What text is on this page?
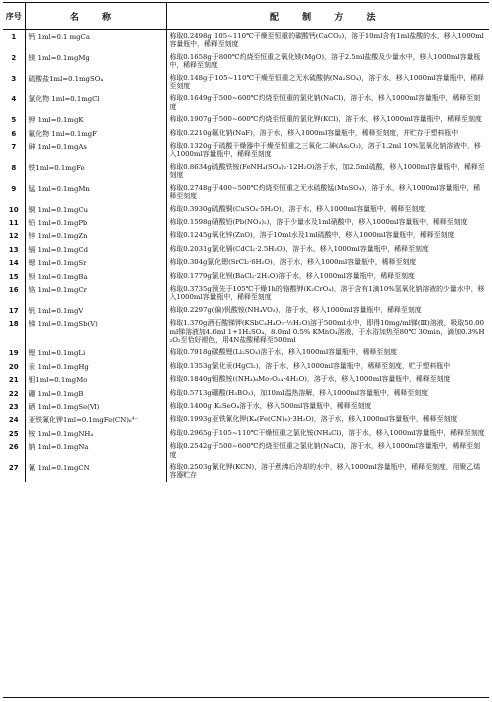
序号	名 称	配 制 方 法
1	钙 1ml=0.1 mgCa	称取0.2498g 105~110℃干燥至恒重的碳酸钙(CaCO₃)，溶于10ml含有1ml盐酸的水，移入1000ml容量瓶中，稀释至刻度
2	镁 1ml=0.1mgMg	称取0.1658g于800℃灼烧至恒重之氧化镁(MgO)，溶于2.5ml盐酸及少量水中，移入1000ml容量瓶中，稀释至刻度
3	硫酸盐1ml=0.1mgSO₄	称取0.148g于105~110℃干燥至恒重之无水硫酸钠(Na₂SO₄)，溶于水，移入1000ml容量瓶中，稀释至刻度
4	氯化物 1ml=0.1mgCl	称取0.1649g于500~600℃灼烧至恒重的氯化钠(NaCl)，溶于水，移入1000ml容量瓶中，稀释至刻度
5	钾 1ml=0.1mgK	称取0.1907g于500~600℃灼烧至恒重的氯化钾(KCl)，溶于水，移入1000ml容量瓶中，稀释至刻度
6	氟化物 1ml=0.1mgF	称取0.2210g氟化钠(NaF)，溶于水，移入1000ml容量瓶中，稀释至刻度，并贮存于塑料瓶中
7	砷 1ml=0.1mgAs	称取0.1320g于硫酸干燥器中干燥至恒重之三氧化二砷(As₂O₃)，溶于1.2ml 10%氢氧化钠溶液中，移入1000ml容量瓶中，稀释至刻度
8	铁1ml=0.1mgFe	称取0.8634g硫酸铁铵(FeNH₄(SO₄)₂·12H₂O)溶于水，加2.5ml硫酸，移入1000ml容量瓶中，稀释至刻度
9	锰 1ml=0.1mgMn	称取0.2748g于400~500℃灼烧至恒重之无水硫酸锰(MnSO₄)，溶于水，移入1000ml容量瓶中，稀释至刻度
10	铜 1ml=0.1mgCu	称取0.3930g硫酸铜(CuSO₄·5H₂O)，溶于水，移入1000ml容量瓶中，稀释至刻度
11	铅 1ml=0.1mgPb	称取0.1598g硝酸铅(Pb(NO₃)₂)，溶于少量水及1ml硝酸中，移入1000ml容量瓶中，稀释至刻度
12	锌 1ml=0.1mgZn	称取0.1245g氧化锌(ZnO)，溶于10ml水及1ml硫酸中，移入1000ml容量瓶中，稀释至刻度
13	镉 1ml=0.1mgCd	称取0.2031g氯化镉(CdCl₂·2.5H₂O)，溶于水，移入1000ml容量瓶中，稀释至刻度
14	锶 1ml=0.1mgSr	称取0.304g氯化锶(SrCl₂·6H₂O)，溶于水，移入1000ml容量瓶中，稀释至刻度
15	钡 1ml=0.1mgBa	称取0.1779g氯化钡(BaCl₂·2H₂O)溶于水，移入1000ml容量瓶中，稀释至刻度
16	铬 1ml=0.1mgCr	称取0.3735g预先于105℃干燥1h的铬酸钾(K₂CrO₄)，溶于含有1滴10%氢氧化钠溶液的少量水中，移入1000ml容量瓶中，稀释至刻度
17	钒 1ml=0.1mgV	称取0.2297g(偏)钒酸铵(NH₄VO₃)，溶于水，移入1000ml容量瓶中，稀释至刻度
18	锑 1ml=0.1mgSb(Ⅴ)	称取1.370g酒石酸锑钾(KSbC₄H₄O₇·½H₂O)溶于500ml水中，即得10mg/ml锑(Ⅲ)溶液，吸取50.00ml锑溶液加4.6ml 1+1H₂SO₄，8.0ml 0.5% KMnO₄溶液，于水浴加热至80℃ 30min，滴加0.3%H₂O₂至恰好褪色，用4N盐酸稀释至500ml
19	锂 1ml=0.1mgLi	称取0.7918g碳酸锂(Li₂SO₄)溶于水，移入1000ml容量瓶中，稀释至刻度
20	汞 1ml=0.1mgHg	称取0.1353g氯化汞(HgCl₂)，溶于水，移入1000ml容量瓶中，稀释至刻度，贮于塑料瓶中
21	钼1ml=0.1mgMo	称取0.1840g钼酸铵((NH₄)₆Mo₇O₂₄·4H₂O)，溶于水，移入1000ml容量瓶中，稀释至刻度
22	硼 1ml=0.1mgB	称取0.5713g硼酸(H₃BO₃)，加10ml温热溶解，移入1000ml容量瓶中，稀释至刻度
23	硒 1ml=0.1mgSe(Ⅵ)	称取0.1400g K₂SeO₄溶于水，移入500ml容量瓶中，稀释至刻度
24	亚铁氰化钾1ml=0.1mgFe(CN)₆⁴⁻	称取0.1993g亚铁氰化钾(K₄(Fe(CN)₆)·3H₂O)，溶于水，移入1000ml容量瓶中，稀释至刻度
25	铵 1ml=0.1mgNH₄	称取0.2965g于105~110℃干燥恒重之氯化铵(NH₄Cl)，溶于水，移入1000ml容量瓶中，稀释至刻度
26	钠 1ml=0.1mgNa	称取0.2542g于500~600℃灼烧至恒重之氯化钠(NaCl)，溶于水，移入1000ml容量瓶中，稀释至刻度
27	氰 1ml=0.1mgCN	称取0.2503g氰化钾(KCN)，溶于煮沸后冷却的水中，移入1000ml容量瓶中，稀释至刻度，用聚乙烯容器贮存
